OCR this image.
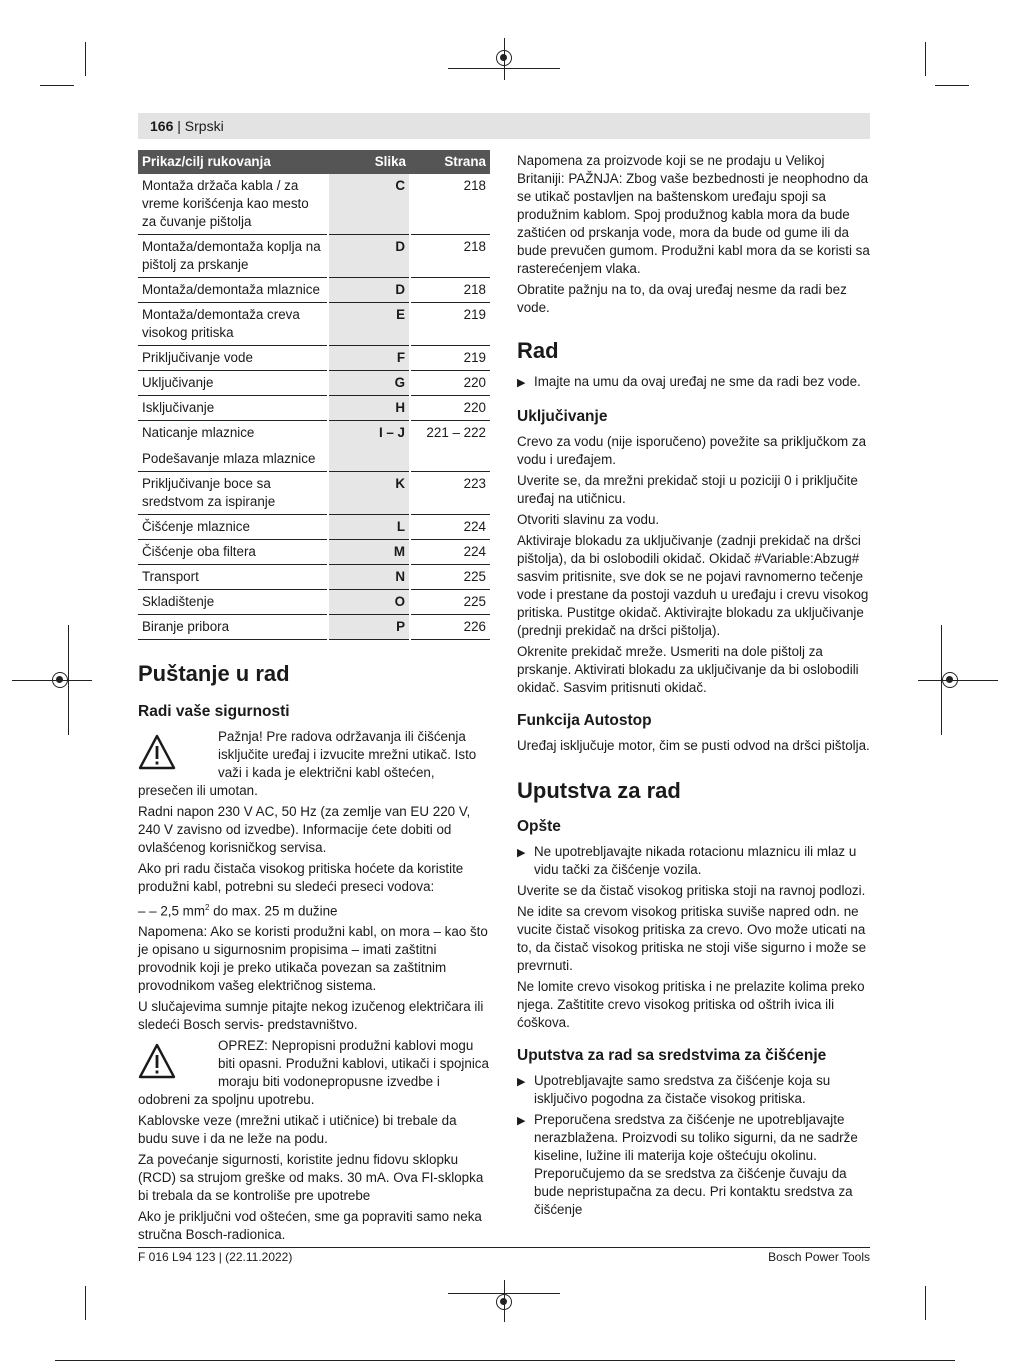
166 | Srpski
Prikaz/cilj rukovanja	Slika	Strana
Montaža držača kabla / za vreme korišćenja kao mesto za čuvanje pištolja	C	218
Montaža/demontaža koplja na pištolj za prskanje	D	218
Montaža/demontaža mlaznice	D	218
Montaža/demontaža creva visokog pritiska	E	219
Priključivanje vode	F	219
Uključivanje	G	220
Isključivanje	H	220
Naticanje mlaznice
Podešavanje mlaza mlaznice	I – J	221 – 222
Priključivanje boce sa sredstvom za ispiranje	K	223
Čišćenje mlaznice	L	224
Čišćenje oba filtera	M	224
Transport	N	225
Skladištenje	O	225
Biranje pribora	P	226
Puštanje u rad
Radi vaše sigurnosti

Pažnja! Pre radova održavanja ili čišćenja isključite uređaj i izvucite mrežni utikač. Isto važi i kada je električni kabl oštećen, presečen ili umotan.

Radni napon 230 V AC, 50 Hz (za zemlje van EU 220 V, 240 V zavisno od izvedbe). Informacije ćete dobiti od ovlašćenog korisničkog servisa.

Ako pri radu čistača visokog pritiska hoćete da koristite produžni kabl, potrebni su sledeći preseci vodova:

– – 2,5 $mm^2$ do max. 25 m dužine

Napomena: Ako se koristi produžni kabl, on mora – kao što je opisano u sigurnosnim propisima – imati zaštitni provodnik koji je preko utikača povezan sa zaštitnim provodnikom vašeg električnog sistema.

U slučajevima sumnje pitajte nekog izučenog električara ili sledeći Bosch servis- predstavništvo.

OPREZ: Nepropisni produžni kablovi mogu biti opasni. Produžni kablovi, utikači i spojnica moraju biti vodonepropusne izvedbe i odobreni za spoljnu upotrebu.

Kablovske veze (mrežni utikač i utičnice) bi trebale da budu suve i da ne leže na podu.

Za povećanje sigurnosti, koristite jednu fidovu sklopku (RCD) sa strujom greške od maks. 30 mA. Ova FI-sklopka bi trebala da se kontroliše pre upotrebe

Ako je priključni vod oštećen, sme ga popraviti samo neka stručna Bosch-radionica.

Napomena za proizvode koji se ne prodaju u Velikoj Britaniji: PAŽNJA: Zbog vaše bezbednosti je neophodno da se utikač postavljen na baštenskom uređaju spoji sa produžnim kablom. Spoj produžnog kabla mora da bude zaštićen od prskanja vode, mora da bude od gume ili da bude prevučen gumom. Produžni kabl mora da se koristi sa rasterećenjem vlaka.

Obratite pažnju na to, da ovaj uređaj nesme da radi bez vode.

Rad
▶ Imajte na umu da ovaj uređaj ne sme da radi bez vode.
Uključivanje

Crevo za vodu (nije isporučeno) povežite sa priključkom za vodu i uređajem.

Uverite se, da mrežni prekidač stoji u poziciji 0 i priključite uređaj na utičnicu.

Otvoriti slavinu za vodu.

Aktiviraje blokadu za uključivanje (zadnji prekidač na dršci pištolja), da bi oslobodili okidač. Okidač #Variable:Abzug# sasvim pritisnite, sve dok se ne pojavi ravnomerno tečenje vode i prestane da postoji vazduh u uređaju i crevu visokog pritiska. Pustitge okidač. Aktivirajte blokadu za uključivanje (prednji prekidač na dršci pištolja).

Okrenite prekidač mreže. Usmeriti na dole pištolj za prskanje. Aktivirati blokadu za uključivanje da bi oslobodili okidač. Sasvim pritisnuti okidač.

Funkcija Autostop

Uređaj isključuje motor, čim se pusti odvod na dršci pištolja.

Uputstva za rad
Opšte
▶ Ne upotrebljavajte nikada rotacionu mlaznicu ili mlaz u vidu tački za čišćenje vozila.

Uverite se da čistač visokog pritiska stoji na ravnoj podlozi.

Ne idite sa crevom visokog pritiska suviše napred odn. ne vucite čistač visokog pritiska za crevo. Ovo može uticati na to, da čistač visokog pritiska ne stoji više sigurno i može se prevrnuti.

Ne lomite crevo visokog pritiska i ne prelazite kolima preko njega. Zaštitite crevo visokog pritiska od oštrih ivica ili ćoškova.

Uputstva za rad sa sredstvima za čišćenje
▶ Upotrebljavajte samo sredstva za čišćenje koja su isključivo pogodna za čistače visokog pritiska.
▶ Preporučena sredstva za čišćenje ne upotrebljavajte nerazblažena. Proizvodi su toliko sigurni, da ne sadrže kiseline, lužine ili materija koje oštećuju okolinu. Preporučujemo da se sredstva za čišćenje čuvaju da bude nepristupačna za decu. Pri kontaktu sredstva za čišćenje
F 016 L94 123 | (22.11.2022)	Bosch Power Tools
